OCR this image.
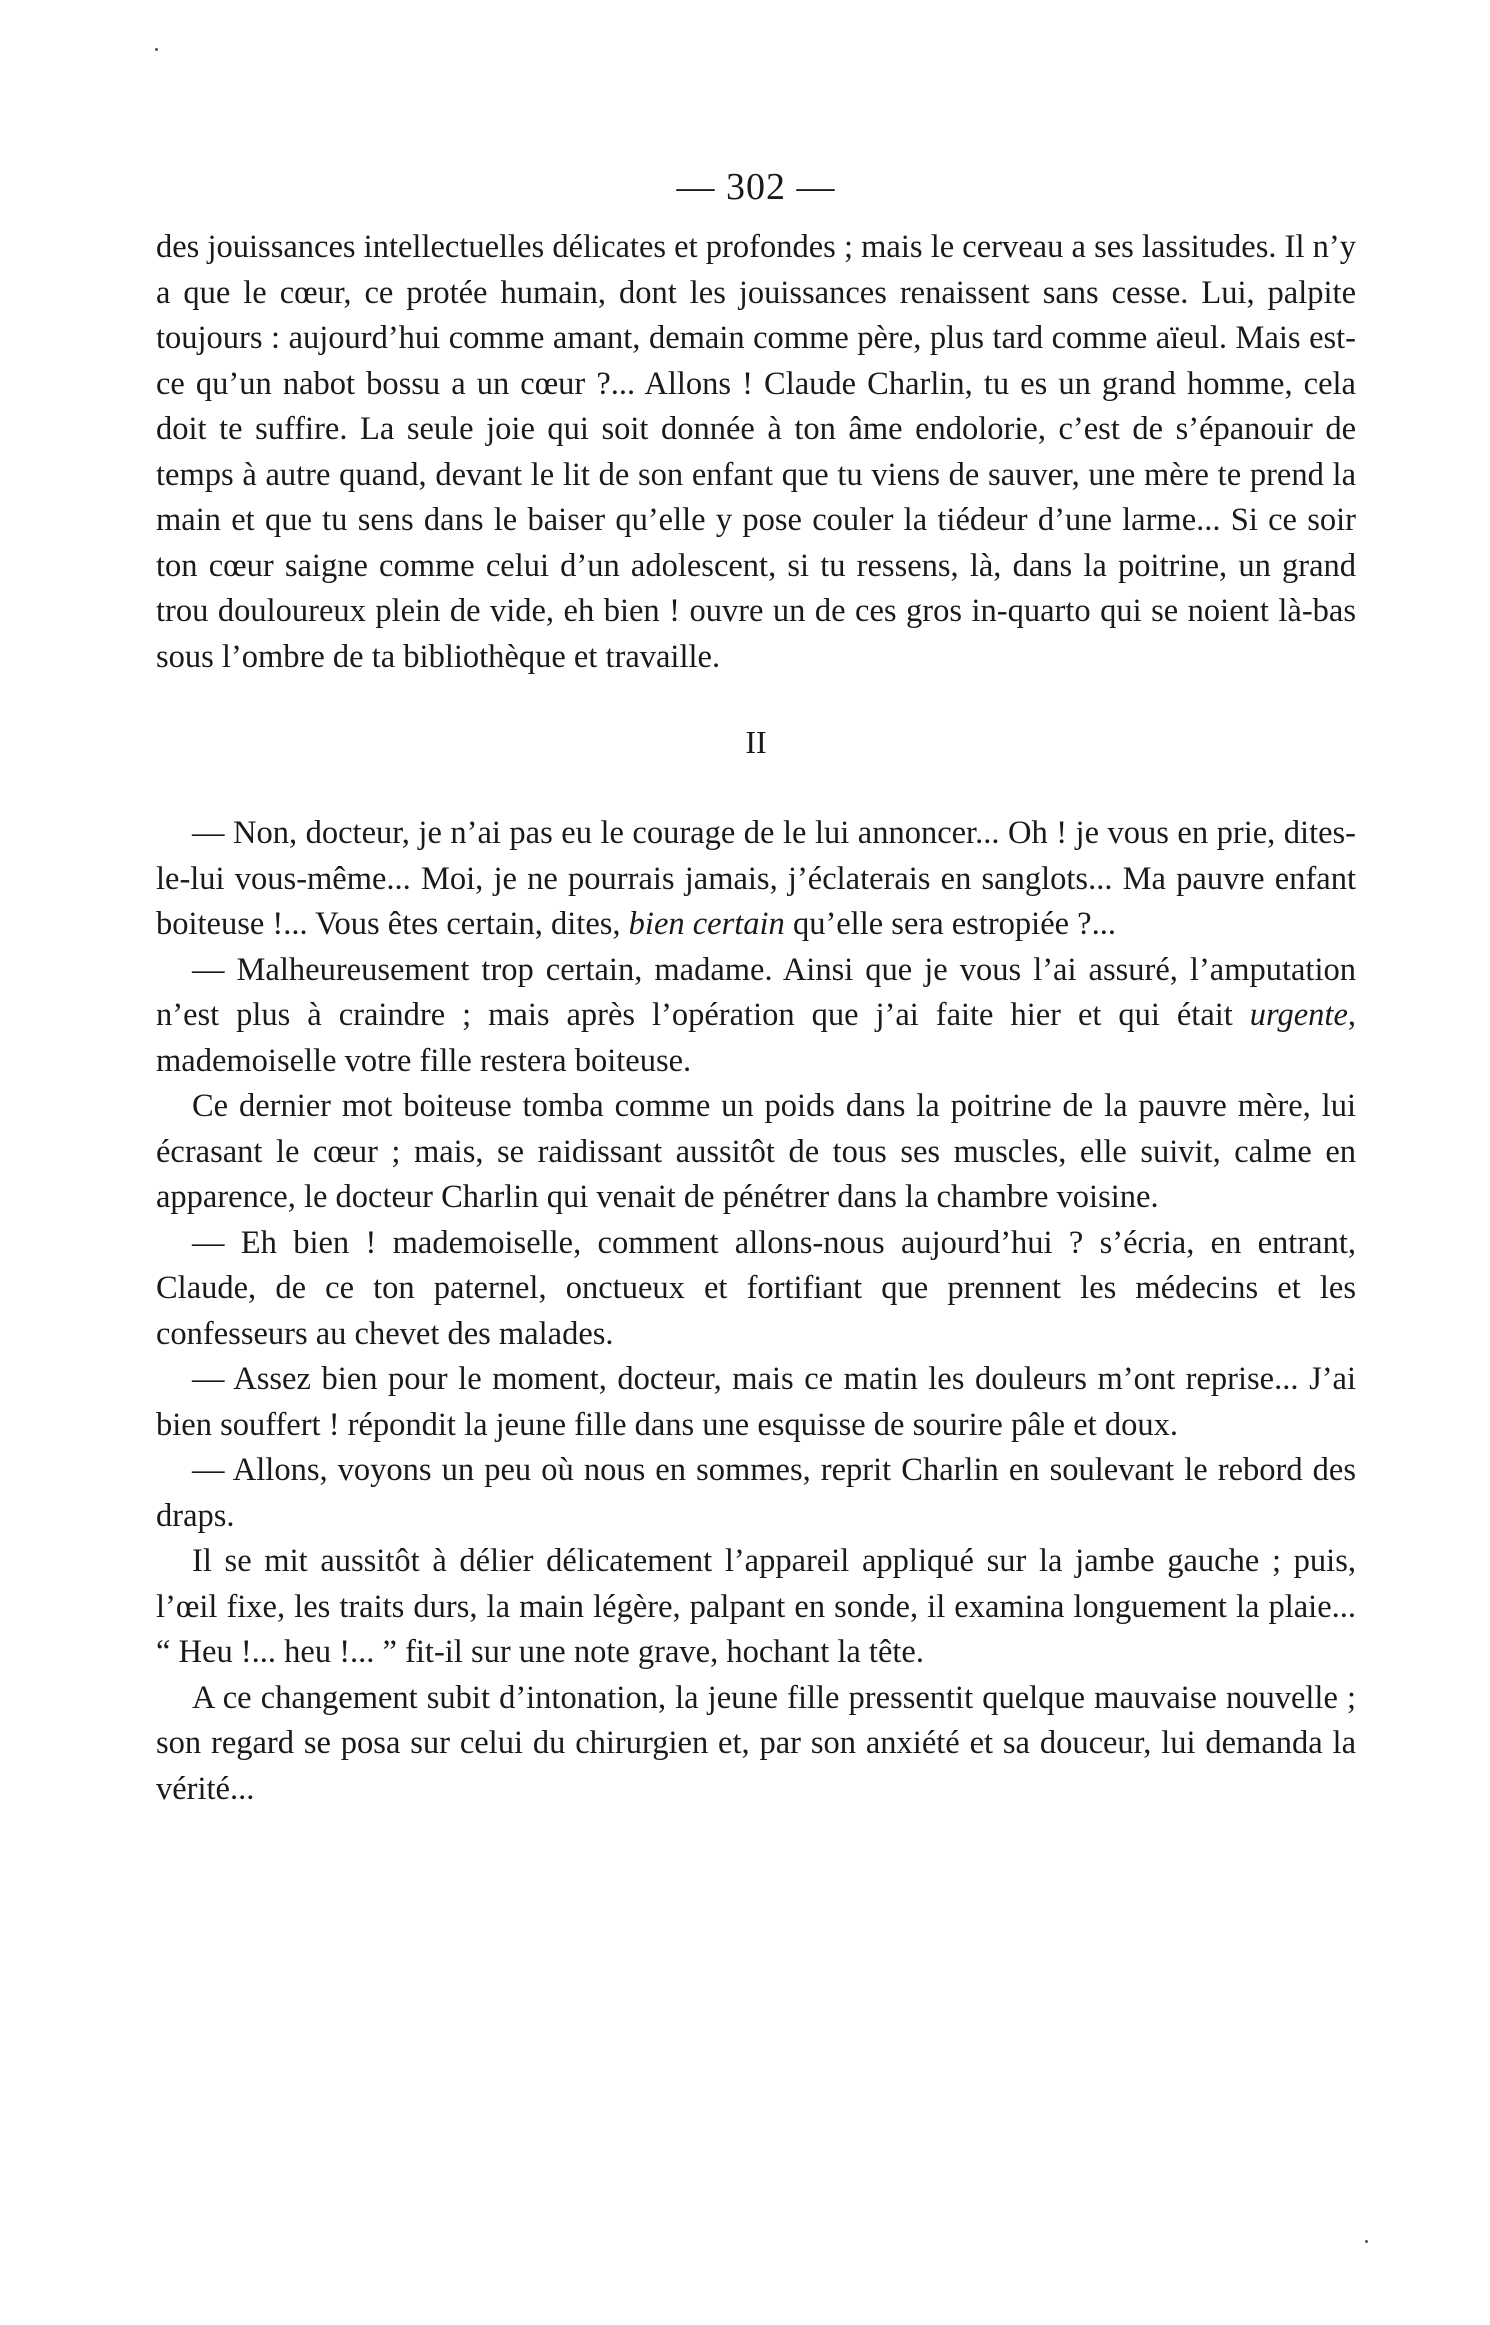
— 302 —

des jouissances intellectuelles délicates et profondes ; mais le cerveau a ses lassitudes. Il n’y a que le cœur, ce protée humain, dont les jouissances renaissent sans cesse. Lui, palpite toujours : aujourd’hui comme amant, demain comme père, plus tard comme aïeul. Mais est-ce qu’un nabot bossu a un cœur ?... Allons ! Claude Charlin, tu es un grand homme, cela doit te suffire. La seule joie qui soit donnée à ton âme endolorie, c’est de s’épanouir de temps à autre quand, devant le lit de son enfant que tu viens de sauver, une mère te prend la main et que tu sens dans le baiser qu’elle y pose couler la tiédeur d’une larme... Si ce soir ton cœur saigne comme celui d’un adolescent, si tu ressens, là, dans la poitrine, un grand trou douloureux plein de vide, eh bien ! ouvre un de ces gros in-quarto qui se noient là-bas sous l’ombre de ta bibliothèque et travaille.

II

— Non, docteur, je n’ai pas eu le courage de le lui annoncer... Oh ! je vous en prie, dites-le-lui vous-même... Moi, je ne pourrais jamais, j’éclaterais en sanglots... Ma pauvre enfant boiteuse !... Vous êtes certain, dites, bien certain qu’elle sera estropiée ?...

— Malheureusement trop certain, madame. Ainsi que je vous l’ai assuré, l’amputation n’est plus à craindre ; mais après l’opération que j’ai faite hier et qui était urgente, mademoiselle votre fille restera boiteuse.

Ce dernier mot boiteuse tomba comme un poids dans la poitrine de la pauvre mère, lui écrasant le cœur ; mais, se raidissant aussitôt de tous ses muscles, elle suivit, calme en apparence, le docteur Charlin qui venait de pénétrer dans la chambre voisine.

— Eh bien ! mademoiselle, comment allons-nous aujourd’hui ? s’écria, en entrant, Claude, de ce ton paternel, onctueux et fortifiant que prennent les médecins et les confesseurs au chevet des malades.

— Assez bien pour le moment, docteur, mais ce matin les douleurs m’ont reprise... J’ai bien souffert ! répondit la jeune fille dans une esquisse de sourire pâle et doux.

— Allons, voyons un peu où nous en sommes, reprit Charlin en soulevant le rebord des draps.

Il se mit aussitôt à délier délicatement l’appareil appliqué sur la jambe gauche ; puis, l’œil fixe, les traits durs, la main légère, palpant en sonde, il examina longuement la plaie... “ Heu !... heu !... ” fit-il sur une note grave, hochant la tête.

A ce changement subit d’intonation, la jeune fille pressentit quelque mauvaise nouvelle ; son regard se posa sur celui du chirurgien et, par son anxiété et sa douceur, lui demanda la vérité...
